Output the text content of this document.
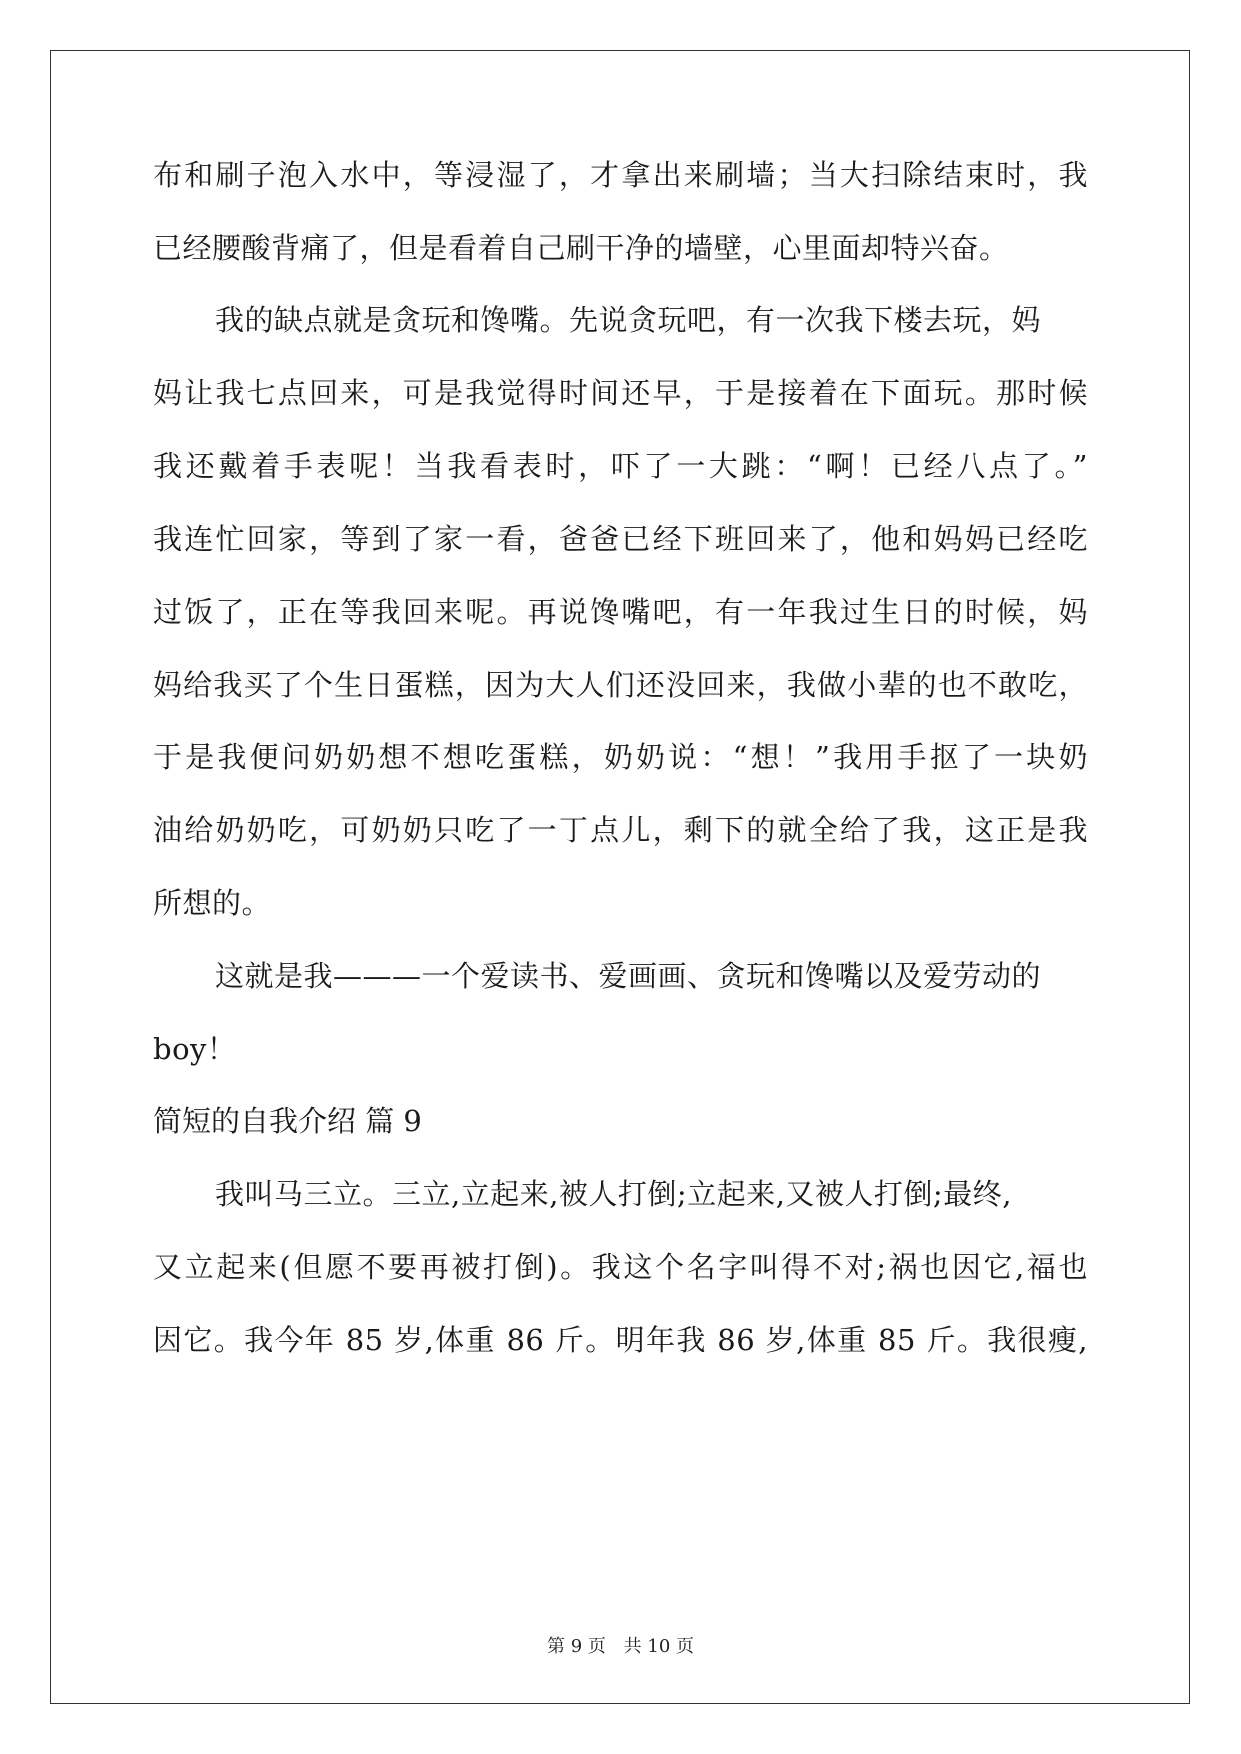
布和刷子泡入水中，等浸湿了，才拿出来刷墙；当大扫除结束时，我
已经腰酸背痛了，但是看着自己刷干净的墙壁，心里面却特兴奋。
我的缺点就是贪玩和馋嘴。先说贪玩吧，有一次我下楼去玩，妈
妈让我七点回来，可是我觉得时间还早，于是接着在下面玩。那时候
我还戴着手表呢！当我看表时，吓了一大跳：“啊！已经八点了。”
我连忙回家，等到了家一看，爸爸已经下班回来了，他和妈妈已经吃
过饭了，正在等我回来呢。再说馋嘴吧，有一年我过生日的时候，妈
妈给我买了个生日蛋糕，因为大人们还没回来，我做小辈的也不敢吃，
于是我便问奶奶想不想吃蛋糕，奶奶说：“想！”我用手抠了一块奶
油给奶奶吃，可奶奶只吃了一丁点儿，剩下的就全给了我，这正是我
所想的。
这就是我———一个爱读书、爱画画、贪玩和馋嘴以及爱劳动的
boy！
简短的自我介绍 篇 9
我叫马三立。三立,立起来,被人打倒;立起来,又被人打倒;最终,
又立起来(但愿不要再被打倒)。我这个名字叫得不对;祸也因它,福也
因它。我今年 85 岁,体重 86 斤。明年我 86 岁,体重 85 斤。我很瘦,
第 9 页 共 10 页
